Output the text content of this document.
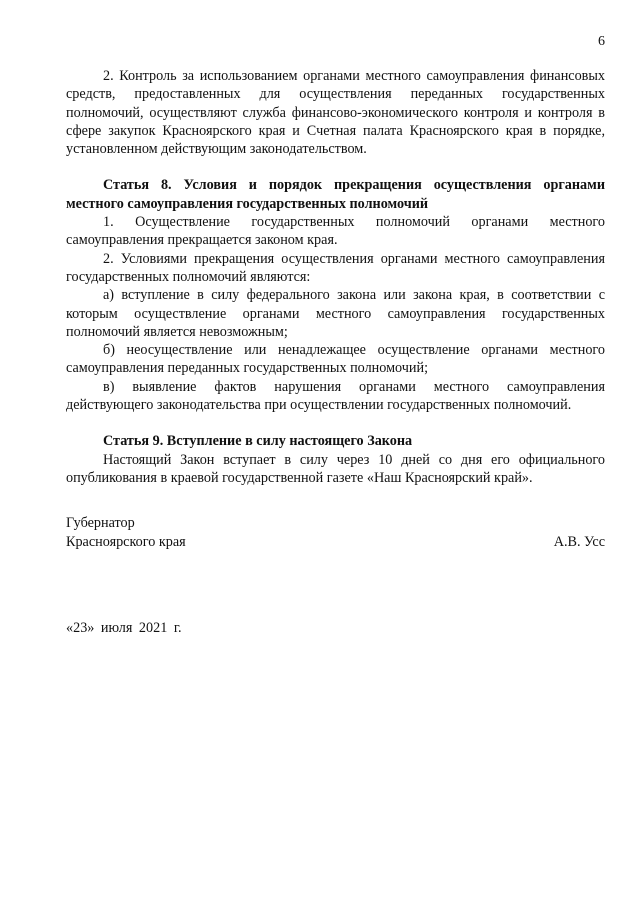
6

2. Контроль за использованием органами местного самоуправления финансовых средств, предоставленных для осуществления переданных государственных полномочий, осуществляют служба финансово-экономического контроля и контроля в сфере закупок Красноярского края и Счетная палата Красноярского края в порядке, установленном действующим законодательством.

Статья 8. Условия и порядок прекращения осуществления органами местного самоуправления государственных полномочий

1. Осуществление государственных полномочий органами местного самоуправления прекращается законом края.

2. Условиями прекращения осуществления органами местного самоуправления государственных полномочий являются:

а) вступление в силу федерального закона или закона края, в соответствии с которым осуществление органами местного самоуправления государственных полномочий является невозможным;

б) неосуществление или ненадлежащее осуществление органами местного самоуправления переданных государственных полномочий;

в) выявление фактов нарушения органами местного самоуправления действующего законодательства при осуществлении государственных полномочий.

Статья 9. Вступление в силу настоящего Закона

Настоящий Закон вступает в силу через 10 дней со дня его официального опубликования в краевой государственной газете «Наш Красноярский край».

Губернатор
Красноярского края	А.В. Усс
«23» июля 2021 г.
